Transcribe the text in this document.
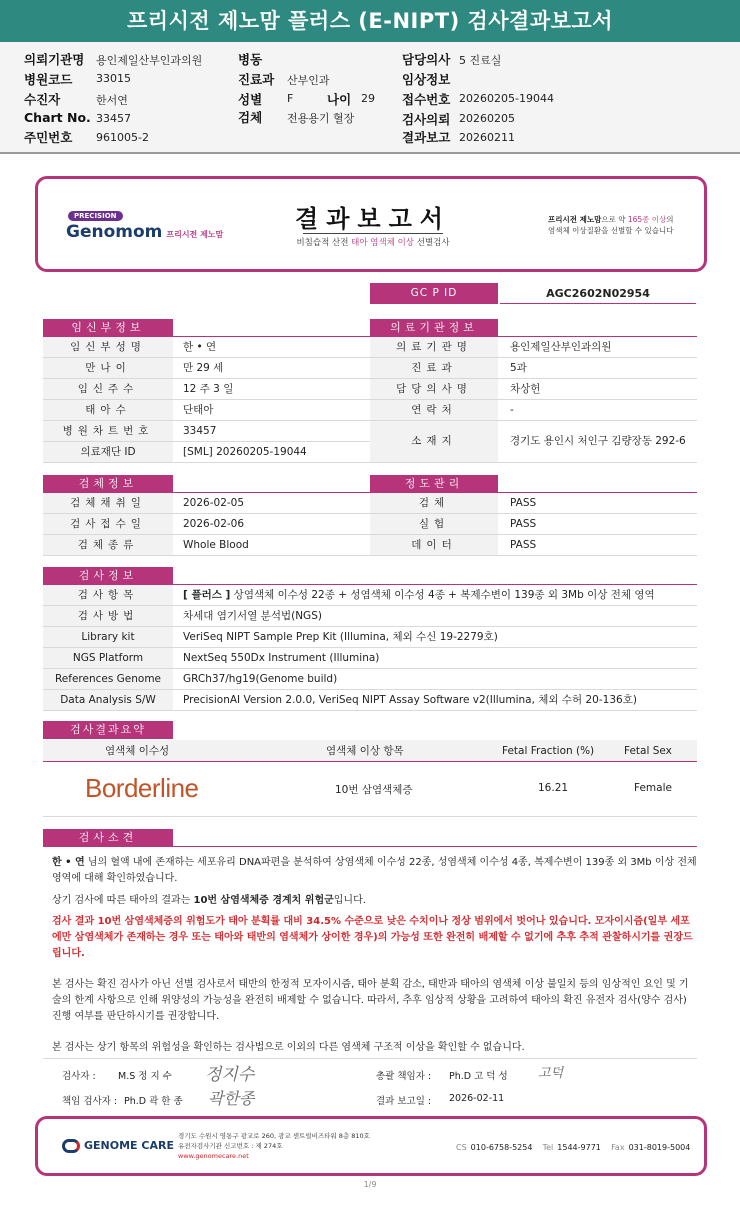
프리시전 제노맘 플러스 (E-NIPT) 검사결과보고서
의뢰기관명 용인제일산부인과의원
병원코드 33015
수진자	한서연
Chart No. 33457
주민번호 961005-2
병동
진료과 산부인과
성별 F	나이 29
검체 전용용기 혈장
담당의사 5 진료실
임상정보
접수번호 20260205-19044
검사의뢰 20260205
결과보고 20260211
PRECISION
Genomom 프리시전 제노맘
결과보고서
비침습적 산전 태아 염색체 이상 선별검사
프리시전 제노맘으로 약 165종 이상의
염색체 이상질환을 선별할 수 있습니다
GC P ID	AGC2602N02954
임신부정보
임신부성명	한 • 연
만나이	만 29 세
임신주수	12 주 3 일
태아수	단태아
병원차트번호	33457
의료재단 ID	[SML] 20260205-19044
의료기관정보
의료기관명	용인제일산부인과의원
진료과	5과
담당의사명	차상헌
연락처	-
소재지	경기도 용인시 처인구 김량장동 292-6
검체정보
검체채취일	2026-02-05
검사접수일	2026-02-06
검체종류	Whole Blood
정도관리
검체	PASS
실험	PASS
데이터	PASS
검사정보
검사항목	[ 플러스 ] 상염색체 이수성 22종 + 성염색체 이수성 4종 + 복제수변이 139종 외 3Mb 이상 전체 영역
검사방법	차세대 염기서열 분석법(NGS)
Library kit	VeriSeq NIPT Sample Prep Kit (Illumina, 체외 수신 19-2279호)
NGS Platform	NextSeq 550Dx Instrument (Illumina)
References Genome	GRCh37/hg19(Genome build)
Data Analysis S/W	PrecisionAI Version 2.0.0, VeriSeq NIPT Assay Software v2(Illumina, 체외 수허 20-136호)
검사결과요약
염색체 이수성	염색체 이상 항목	Fetal Fraction (%)	Fetal Sex
Borderline	10번 삼염색체증	16.21	Female
검사소견
한 • 연 님의 혈액 내에 존재하는 세포유리 DNA파편을 분석하여 상염색체 이수성 22종, 성염색체 이수성 4종, 복제수변이 139종 외 3Mb 이상 전체 영역에 대해 확인하였습니다.
상기 검사에 따른 태아의 결과는 10번 삼염색체증 경계치 위험군입니다.
검사 결과 10번 삼염색체증의 위험도가 태아 분획률 대비 34.5% 수준으로 낮은 수치이나 정상 범위에서 벗어나 있습니다. 모자이시즘(일부 세포에만 삼염색체가 존재하는 경우 또는 태아와 태반의 염색체가 상이한 경우)의 가능성 또한 완전히 배제할 수 없기에 추후 추적 관찰하시기를 권장드립니다.
본 검사는 확진 검사가 아닌 선별 검사로서 태반의 한정적 모자이시즘, 태아 분획 감소, 태반과 태아의 염색체 이상 불일치 등의 임상적인 요인 및 기술의 한계 사항으로 인해 위양성의 가능성을 완전히 배제할 수 없습니다. 따라서, 추후 임상적 상황을 고려하여 태아의 확진 유전자 검사(양수 검사) 진행 여부를 판단하시기를 권장합니다.
본 검사는 상기 항목의 위험성을 확인하는 검사법으로 이외의 다른 염색체 구조적 이상을 확인할 수 없습니다.
검사자 : M.S 정 지 수 정지수	총괄 책임자 : Ph.D 고 덕 성 고덕
책임 검사자 : Ph.D 곽 한 종 곽한종	결과 보고일 : 2026-02-11
GENOME CARE
경기도 수원시 영통구 광교로 260, 광교 센트럴비즈타워 8층 810호
유전자검사기관 신고번호 : 제 274호
www.genomecare.net
CS 010-6758-5254 Tel 1544-9771 Fax 031-8019-5004
1/9
